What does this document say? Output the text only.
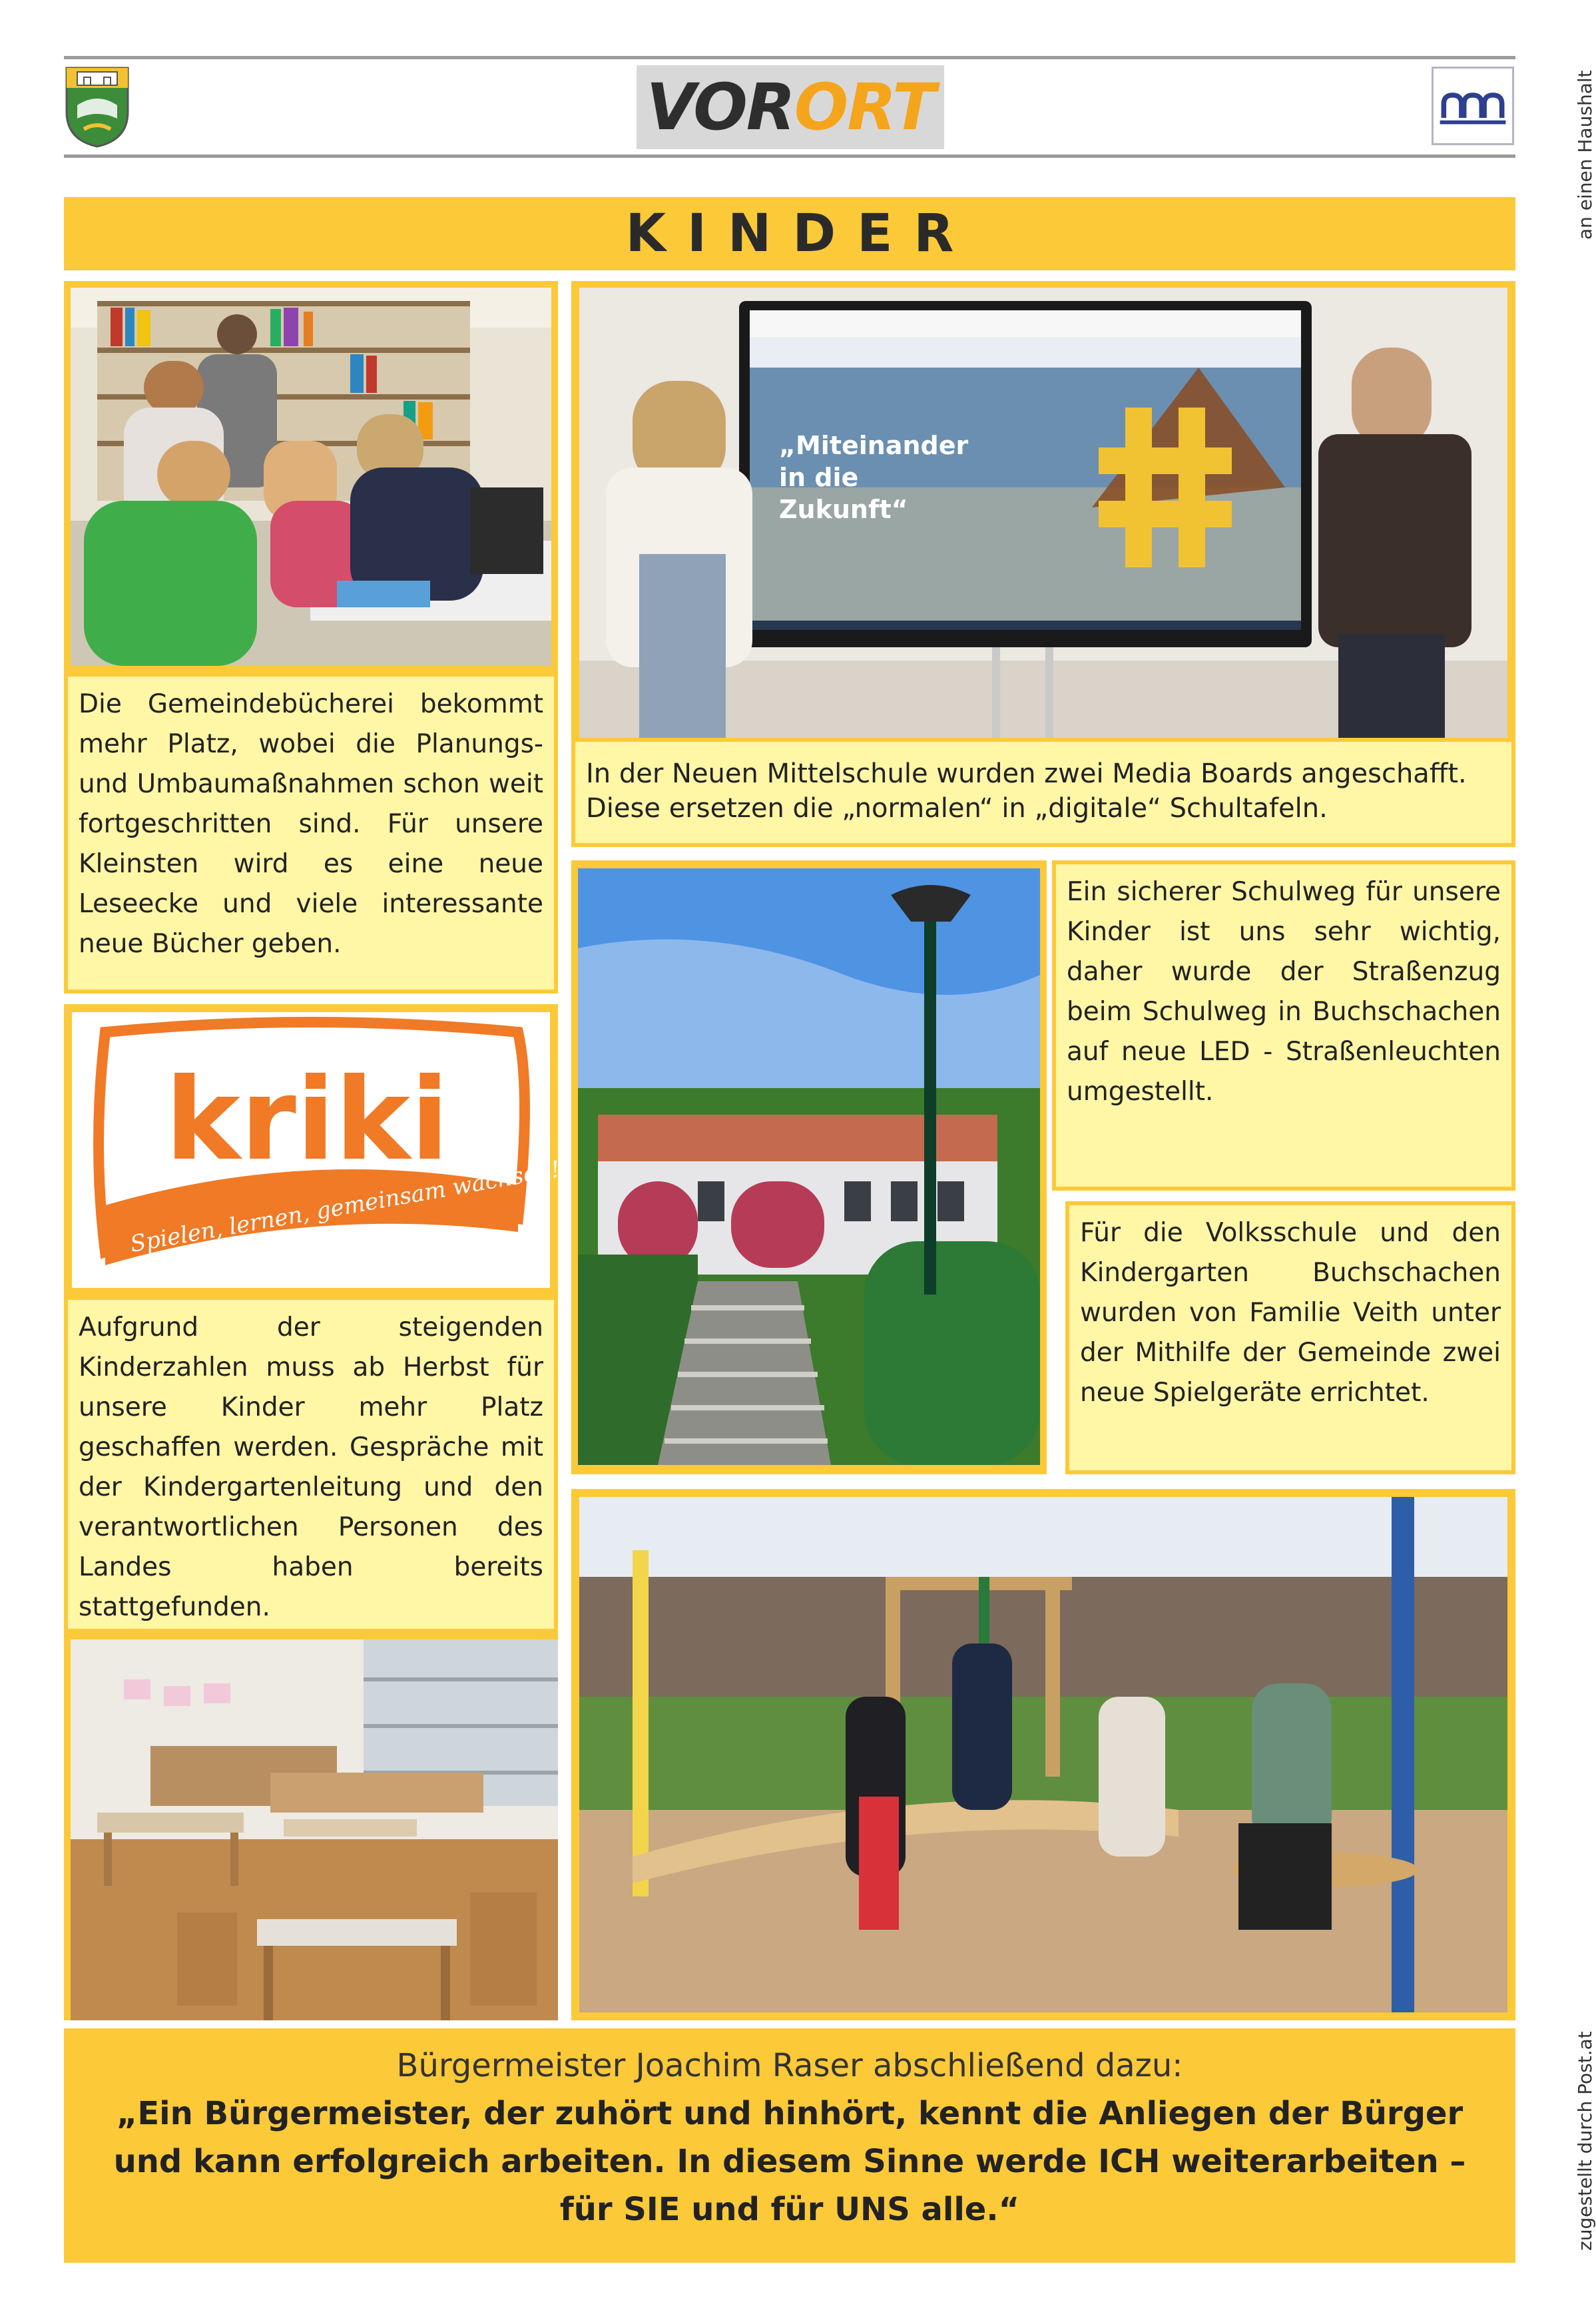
VOR ORT	an einen Haushalt
zugestellt durch Post.at
KINDER
Die Gemeindebücherei bekommt mehr Platz, wobei die Planungs- und Umbaumaßnahmen schon weit fortgeschritten sind. Für unsere Kleinsten wird es eine neue Leseecke und viele interessante neue Bücher geben.
„Miteinander
in die
Zukunft“
In der Neuen Mittelschule wurden zwei Media Boards angeschafft. Diese ersetzen die „normalen“ in „digitale“ Schultafeln.
kriki
Spielen, lernen, gemeinsam wachsen!
Aufgrund der steigenden Kinderzahlen muss ab Herbst für unsere Kinder mehr Platz geschaffen werden. Gespräche mit der Kindergartenleitung und den verantwortlichen Personen des Landes haben bereits stattgefunden.
Ein sicherer Schulweg für unsere Kinder ist uns sehr wichtig, daher wurde der Straßenzug beim Schulweg in Buchschachen auf neue LED - Straßenleuchten umgestellt.
Für die Volksschule und den Kindergarten Buchschachen wurden von Familie Veith unter der Mithilfe der Gemeinde zwei neue Spielgeräte errichtet.
Bürgermeister Joachim Raser abschließend dazu:
„Ein Bürgermeister, der zuhört und hinhört, kennt die Anliegen der Bürger und kann erfolgreich arbeiten. In diesem Sinne werde ICH weiterarbeiten – für SIE und für UNS alle.“
